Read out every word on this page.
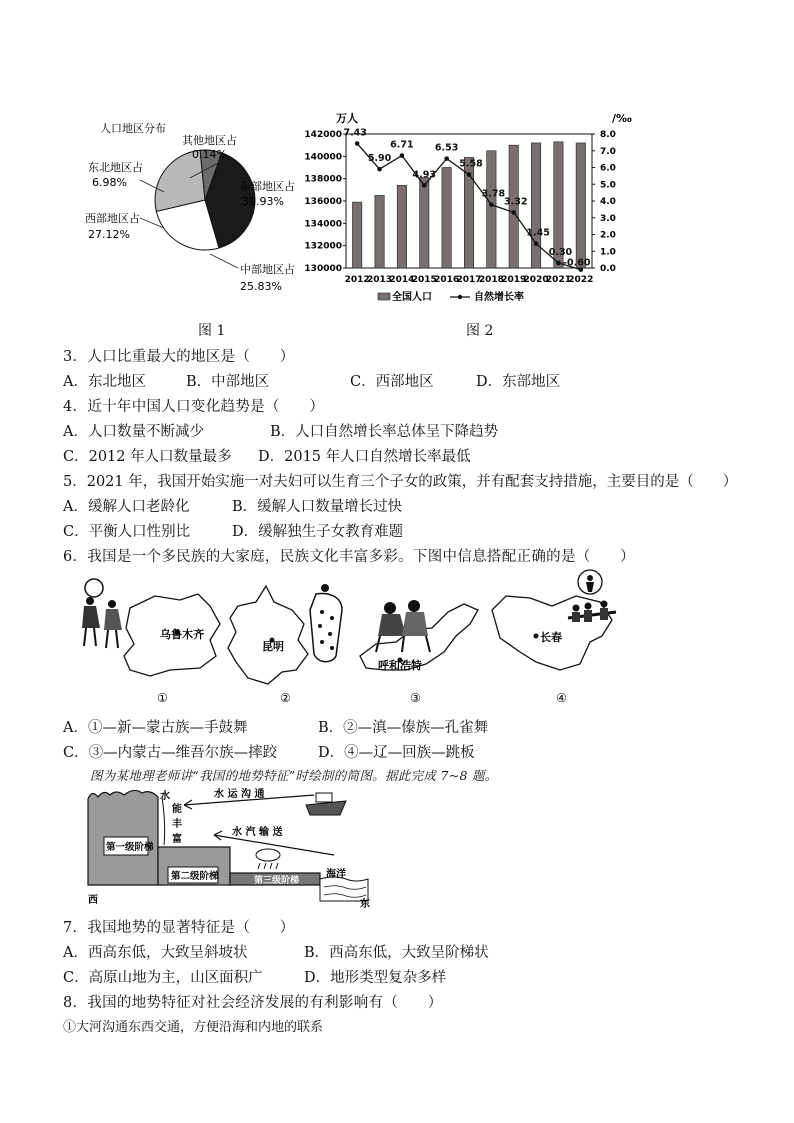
人口地区分布
其他地区占
0.14%
东北地区占
6.98%
西部地区占
27.12%
东部地区占
39.93%
中部地区占
25.83%
图 1
万人	/‰
7.43
5.90
6.71
4.93
6.53
5.58
3.78
3.32
1.45
0.30
-0.60
2012
2013
2014
2015
2016
2017
2018
2019
2020
2021
2022
142000
140000
138000
136000
134000
132000
130000
8.0
7.0
6.0
5.0
4.0
3.0
2.0
1.0
0.0
全国人口	自然增长率
图 2
3．人口比重最大的地区是（　　）
A．东北地区	B．中部地区	C．西部地区	D．东部地区
4．近十年中国人口变化趋势是（　　）
A．人口数量不断减少	B．人口自然增长率总体呈下降趋势
C．2012 年人口数量最多 D．2015 年人口自然增长率最低
5．2021 年，我国开始实施一对夫妇可以生育三个子女的政策，并有配套支持措施，主要目的是（　　）
A．缓解人口老龄化	B．缓解人口数量增长过快
C．平衡人口性别比	D．缓解独生子女教育难题
6．我国是一个多民族的大家庭，民族文化丰富多彩。下图中信息搭配正确的是（　　）
乌鲁木齐
①
昆明
②
呼和浩特
③
长春
④
A．①—新—蒙古族—手鼓舞	B．②—滇—傣族—孔雀舞
C．③—内蒙古—维吾尔族—摔跤	D．④—辽—回族—跳板
图为某地理老师讲“我国的地势特征”时绘制的简图。据此完成 7~8 题。
第一级阶梯
第二级阶梯	第三级阶梯
海洋
西	东
水
能
丰
富
水 运 沟 通
水 汽 输 送
7．我国地势的显著特征是（　　）
A．西高东低，大致呈斜坡状	B．西高东低，大致呈阶梯状
C．高原山地为主，山区面积广	D．地形类型复杂多样
8．我国的地势特征对社会经济发展的有利影响有（　　）
①大河沟通东西交通，方便沿海和内地的联系
